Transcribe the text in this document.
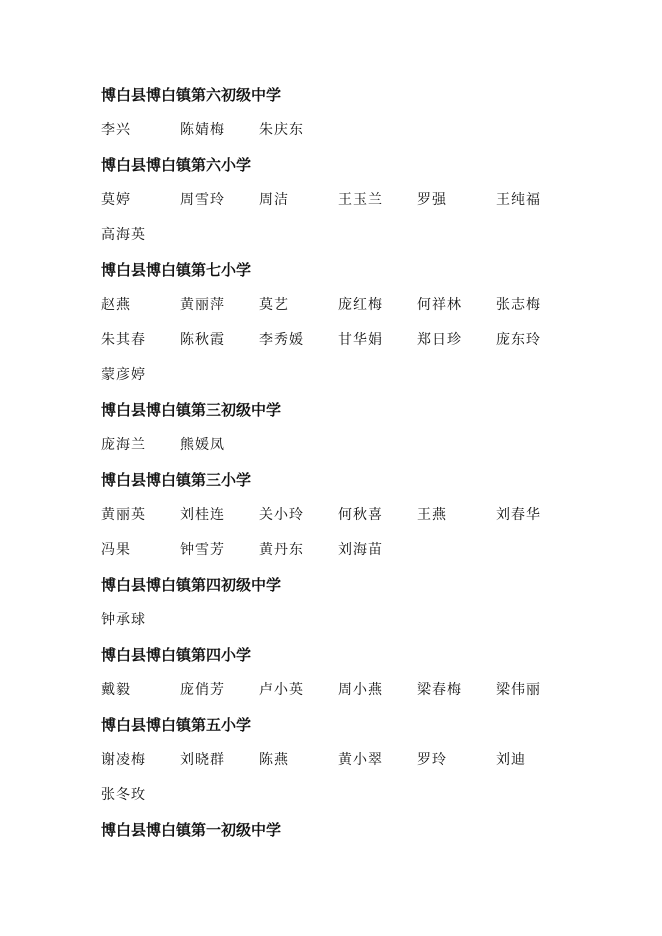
博白县博白镇第六初级中学
李兴	陈婧梅	朱庆东
博白县博白镇第六小学
莫婷	周雪玲	周洁	王玉兰	罗强	王纯福
高海英
博白县博白镇第七小学
赵燕	黄丽萍	莫艺	庞红梅	何祥林	张志梅
朱其春	陈秋霞	李秀媛	甘华娟	郑日珍	庞东玲
蒙彦婷
博白县博白镇第三初级中学
庞海兰	熊媛凤
博白县博白镇第三小学
黄丽英	刘桂连	关小玲	何秋喜	王燕	刘春华
冯果	钟雪芳	黄丹东	刘海苗
博白县博白镇第四初级中学
钟承球
博白县博白镇第四小学
戴毅	庞俏芳	卢小英	周小燕	梁春梅	梁伟丽
博白县博白镇第五小学
谢凌梅	刘晓群	陈燕	黄小翠	罗玲	刘迪
张冬玫
博白县博白镇第一初级中学
